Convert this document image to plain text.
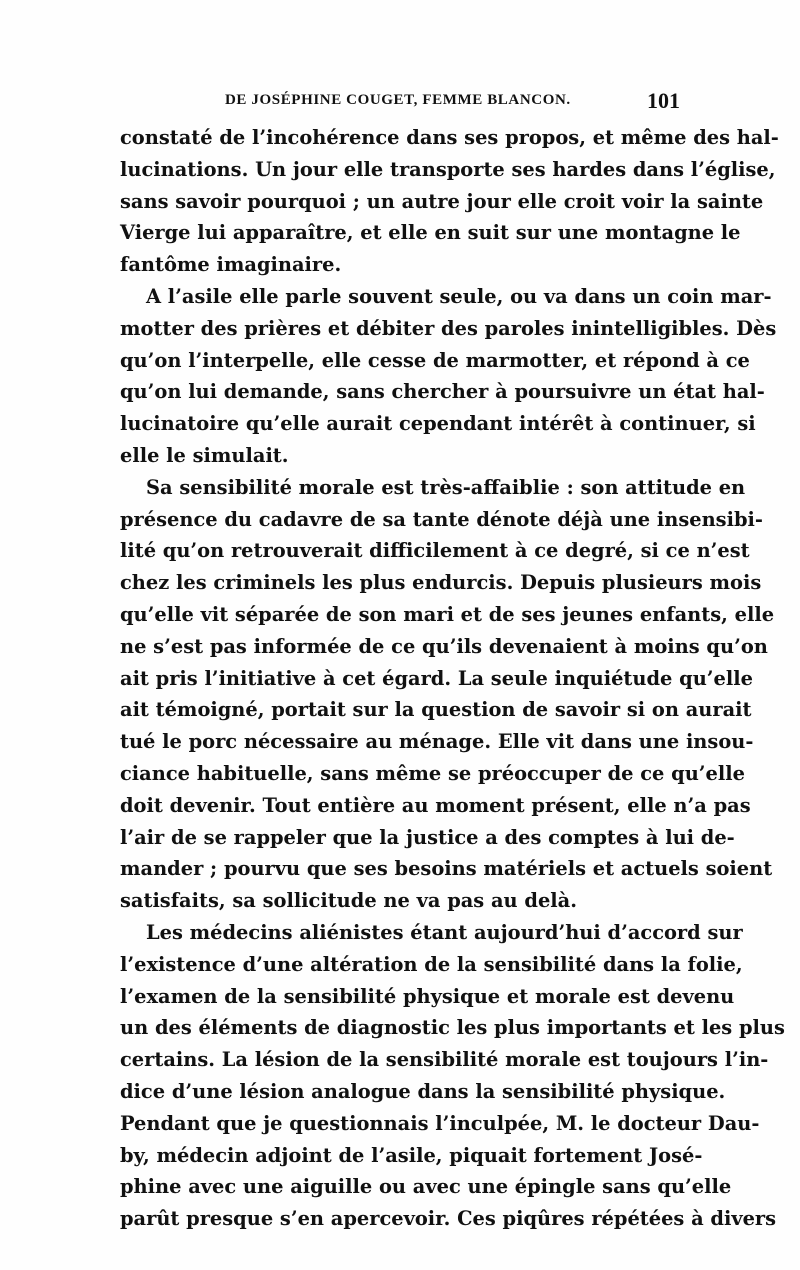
DE JOSÉPHINE COUGET, FEMME BLANCON.	101
constaté de l’incohérence dans ses propos, et même des hal-
lucinations. Un jour elle transporte ses hardes dans l’église,
sans savoir pourquoi ; un autre jour elle croit voir la sainte
Vierge lui apparaître, et elle en suit sur une montagne le
fantôme imaginaire.
A l’asile elle parle souvent seule, ou va dans un coin mar-
motter des prières et débiter des paroles inintelligibles. Dès
qu’on l’interpelle, elle cesse de marmotter, et répond à ce
qu’on lui demande, sans chercher à poursuivre un état hal-
lucinatoire qu’elle aurait cependant intérêt à continuer, si
elle le simulait.
Sa sensibilité morale est très-affaiblie : son attitude en
présence du cadavre de sa tante dénote déjà une insensibi-
lité qu’on retrouverait difficilement à ce degré, si ce n’est
chez les criminels les plus endurcis. Depuis plusieurs mois
qu’elle vit séparée de son mari et de ses jeunes enfants, elle
ne s’est pas informée de ce qu’ils devenaient à moins qu’on
ait pris l’initiative à cet égard. La seule inquiétude qu’elle
ait témoigné, portait sur la question de savoir si on aurait
tué le porc nécessaire au ménage. Elle vit dans une insou-
ciance habituelle, sans même se préoccuper de ce qu’elle
doit devenir. Tout entière au moment présent, elle n’a pas
l’air de se rappeler que la justice a des comptes à lui de-
mander ; pourvu que ses besoins matériels et actuels soient
satisfaits, sa sollicitude ne va pas au delà.
Les médecins aliénistes étant aujourd’hui d’accord sur
l’existence d’une altération de la sensibilité dans la folie,
l’examen de la sensibilité physique et morale est devenu
un des éléments de diagnostic les plus importants et les plus
certains. La lésion de la sensibilité morale est toujours l’in-
dice d’une lésion analogue dans la sensibilité physique.
Pendant que je questionnais l’inculpée, M. le docteur Dau-
by, médecin adjoint de l’asile, piquait fortement José-
phine avec une aiguille ou avec une épingle sans qu’elle
parût presque s’en apercevoir. Ces piqûres répétées à divers
